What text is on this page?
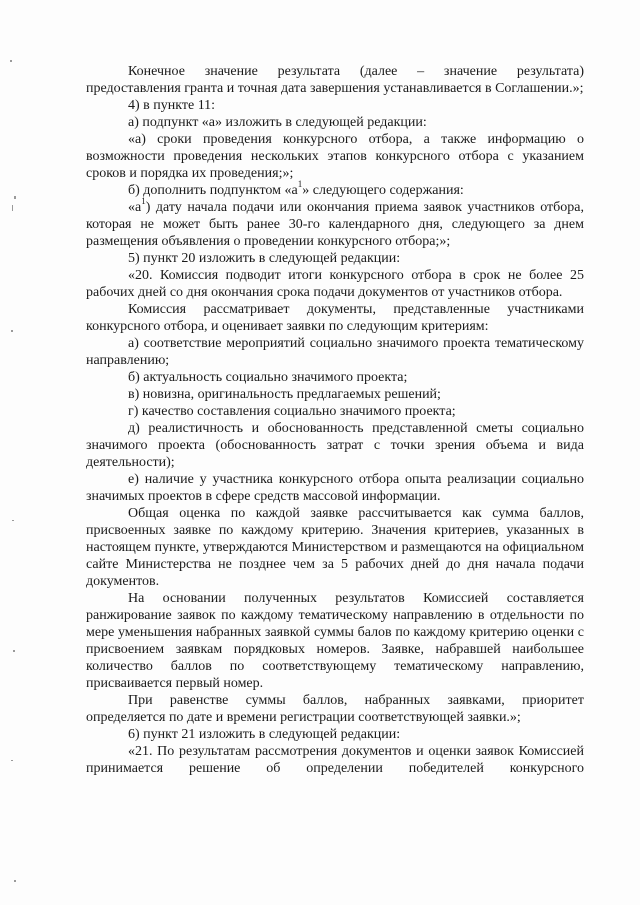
Конечное значение результата (далее – значение результата) предоставления гранта и точная дата завершения устанавливается в Соглашении.»;

4) в пункте 11:

а) подпункт «а» изложить в следующей редакции:

«а) сроки проведения конкурсного отбора, а также информацию о возможности проведения нескольких этапов конкурсного отбора с указанием сроков и порядка их проведения;»;

б) дополнить подпунктом «$а^1$» следующего содержания:

«$а^1$) дату начала подачи или окончания приема заявок участников отбора, которая не может быть ранее 30-го календарного дня, следующего за днем размещения объявления о проведении конкурсного отбора;»;

5) пункт 20 изложить в следующей редакции:

«20. Комиссия подводит итоги конкурсного отбора в срок не более 25 рабочих дней со дня окончания срока подачи документов от участников отбора.

Комиссия рассматривает документы, представленные участниками конкурсного отбора, и оценивает заявки по следующим критериям:

а) соответствие мероприятий социально значимого проекта тематическому направлению;

б) актуальность социально значимого проекта;

в) новизна, оригинальность предлагаемых решений;

г) качество составления социально значимого проекта;

д) реалистичность и обоснованность представленной сметы социально значимого проекта (обоснованность затрат с точки зрения объема и вида деятельности);

е) наличие у участника конкурсного отбора опыта реализации социально значимых проектов в сфере средств массовой информации.

Общая оценка по каждой заявке рассчитывается как сумма баллов, присвоенных заявке по каждому критерию. Значения критериев, указанных в настоящем пункте, утверждаются Министерством и размещаются на официальном сайте Министерства не позднее чем за 5 рабочих дней до дня начала подачи документов.

На основании полученных результатов Комиссией составляется ранжирование заявок по каждому тематическому направлению в отдельности по мере уменьшения набранных заявкой суммы балов по каждому критерию оценки с присвоением заявкам порядковых номеров. Заявке, набравшей наибольшее количество баллов по соответствующему тематическому направлению, присваивается первый номер.

При равенстве суммы баллов, набранных заявками, приоритет определяется по дате и времени регистрации соответствующей заявки.»;

6) пункт 21 изложить в следующей редакции:

«21. По результатам рассмотрения документов и оценки заявок Комиссией принимается решение об определении победителей конкурсного
